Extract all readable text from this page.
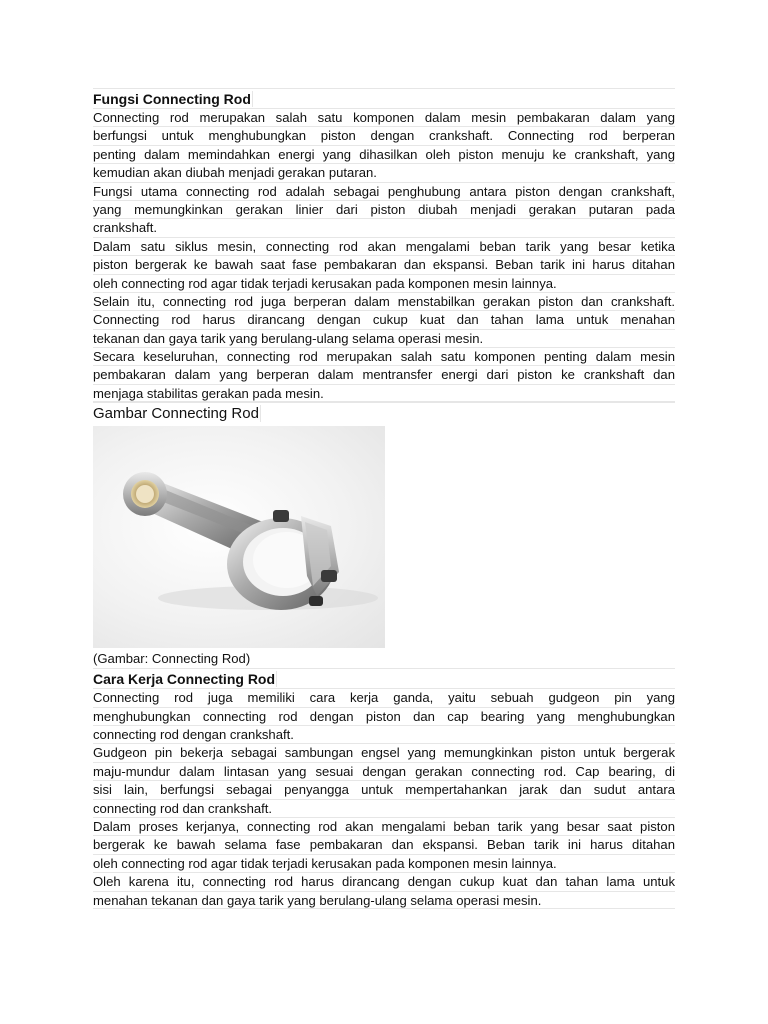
Fungsi Connecting Rod
Connecting rod merupakan salah satu komponen dalam mesin pembakaran dalam yang
berfungsi untuk menghubungkan piston dengan crankshaft. Connecting rod berperan
penting dalam memindahkan energi yang dihasilkan oleh piston menuju ke crankshaft, yang
kemudian akan diubah menjadi gerakan putaran.
Fungsi utama connecting rod adalah sebagai penghubung antara piston dengan crankshaft,
yang memungkinkan gerakan linier dari piston diubah menjadi gerakan putaran pada
crankshaft.
Dalam satu siklus mesin, connecting rod akan mengalami beban tarik yang besar ketika
piston bergerak ke bawah saat fase pembakaran dan ekspansi. Beban tarik ini harus ditahan
oleh connecting rod agar tidak terjadi kerusakan pada komponen mesin lainnya.
Selain itu, connecting rod juga berperan dalam menstabilkan gerakan piston dan crankshaft.
Connecting rod harus dirancang dengan cukup kuat dan tahan lama untuk menahan
tekanan dan gaya tarik yang berulang-ulang selama operasi mesin.
Secara keseluruhan, connecting rod merupakan salah satu komponen penting dalam mesin
pembakaran dalam yang berperan dalam mentransfer energi dari piston ke crankshaft dan
menjaga stabilitas gerakan pada mesin.
Gambar Connecting Rod
(Gambar: Connecting Rod)
Cara Kerja Connecting Rod
Connecting rod juga memiliki cara kerja ganda, yaitu sebuah gudgeon pin yang
menghubungkan connecting rod dengan piston dan cap bearing yang menghubungkan
connecting rod dengan crankshaft.
Gudgeon pin bekerja sebagai sambungan engsel yang memungkinkan piston untuk bergerak
maju-mundur dalam lintasan yang sesuai dengan gerakan connecting rod. Cap bearing, di
sisi lain, berfungsi sebagai penyangga untuk mempertahankan jarak dan sudut antara
connecting rod dan crankshaft.
Dalam proses kerjanya, connecting rod akan mengalami beban tarik yang besar saat piston
bergerak ke bawah selama fase pembakaran dan ekspansi. Beban tarik ini harus ditahan
oleh connecting rod agar tidak terjadi kerusakan pada komponen mesin lainnya.
Oleh karena itu, connecting rod harus dirancang dengan cukup kuat dan tahan lama untuk
menahan tekanan dan gaya tarik yang berulang-ulang selama operasi mesin.
